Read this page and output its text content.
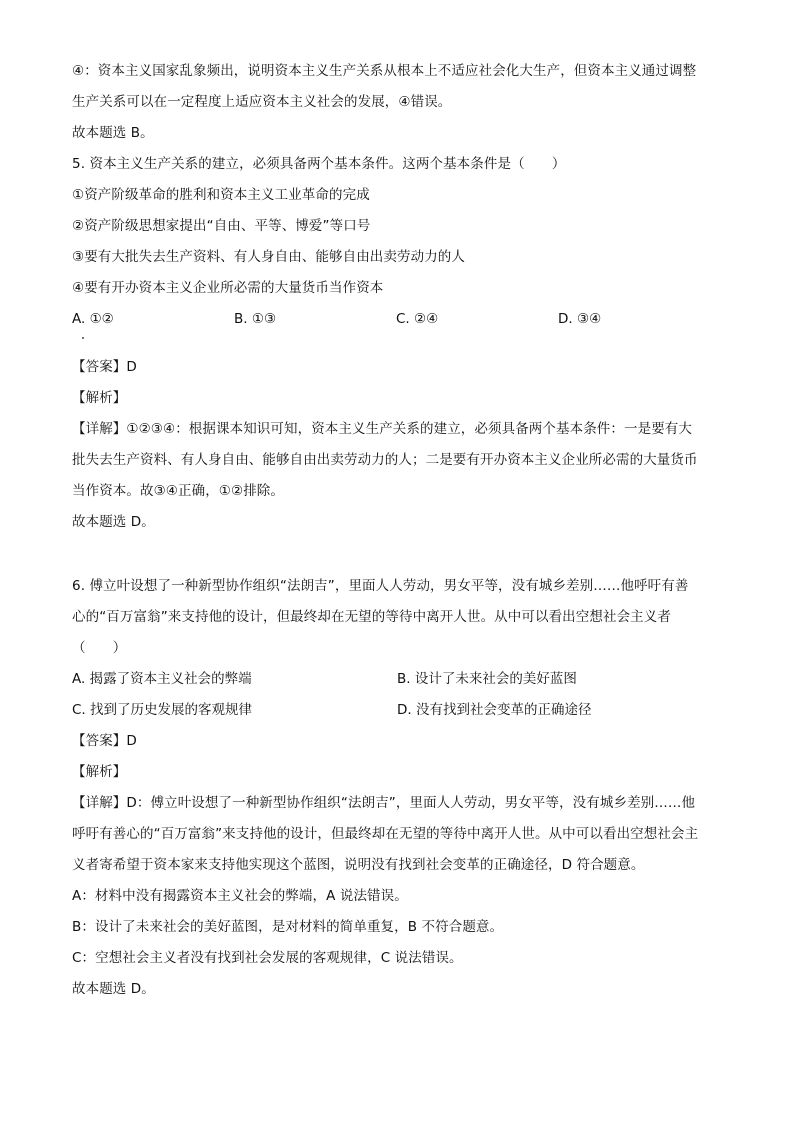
④：资本主义国家乱象频出，说明资本主义生产关系从根本上不适应社会化大生产，但资本主义通过调整
生产关系可以在一定程度上适应资本主义社会的发展，④错误。
故本题选 B。
5. 资本主义生产关系的建立，必须具备两个基本条件。这两个基本条件是（　　）
①资产阶级革命的胜利和资本主义工业革命的完成
②资产阶级思想家提出“自由、平等、博爱”等口号
③要有大批失去生产资料、有人身自由、能够自由出卖劳动力的人
④要有开办资本主义企业所必需的大量货币当作资本
A. ①②	B. ①③	C. ②④	D. ③④
【答案】D
【解析】
【详解】①②③④：根据课本知识可知，资本主义生产关系的建立，必须具备两个基本条件：一是要有大
批失去生产资料、有人身自由、能够自由出卖劳动力的人；二是要有开办资本主义企业所必需的大量货币
当作资本。故③④正确，①②排除。
故本题选 D。
6. 傅立叶设想了一种新型协作组织“法朗吉”，里面人人劳动，男女平等，没有城乡差别……他呼吁有善
心的“百万富翁”来支持他的设计，但最终却在无望的等待中离开人世。从中可以看出空想社会主义者
（　　）
A. 揭露了资本主义社会的弊端	B. 设计了未来社会的美好蓝图
C. 找到了历史发展的客观规律	D. 没有找到社会变革的正确途径
【答案】D
【解析】
【详解】D：傅立叶设想了一种新型协作组织“法朗吉”，里面人人劳动，男女平等，没有城乡差别……他
呼吁有善心的“百万富翁”来支持他的设计，但最终却在无望的等待中离开人世。从中可以看出空想社会主
义者寄希望于资本家来支持他实现这个蓝图，说明没有找到社会变革的正确途径，D 符合题意。
A：材料中没有揭露资本主义社会的弊端，A 说法错误。
B：设计了未来社会的美好蓝图，是对材料的简单重复，B 不符合题意。
C：空想社会主义者没有找到社会发展的客观规律，C 说法错误。
故本题选 D。
